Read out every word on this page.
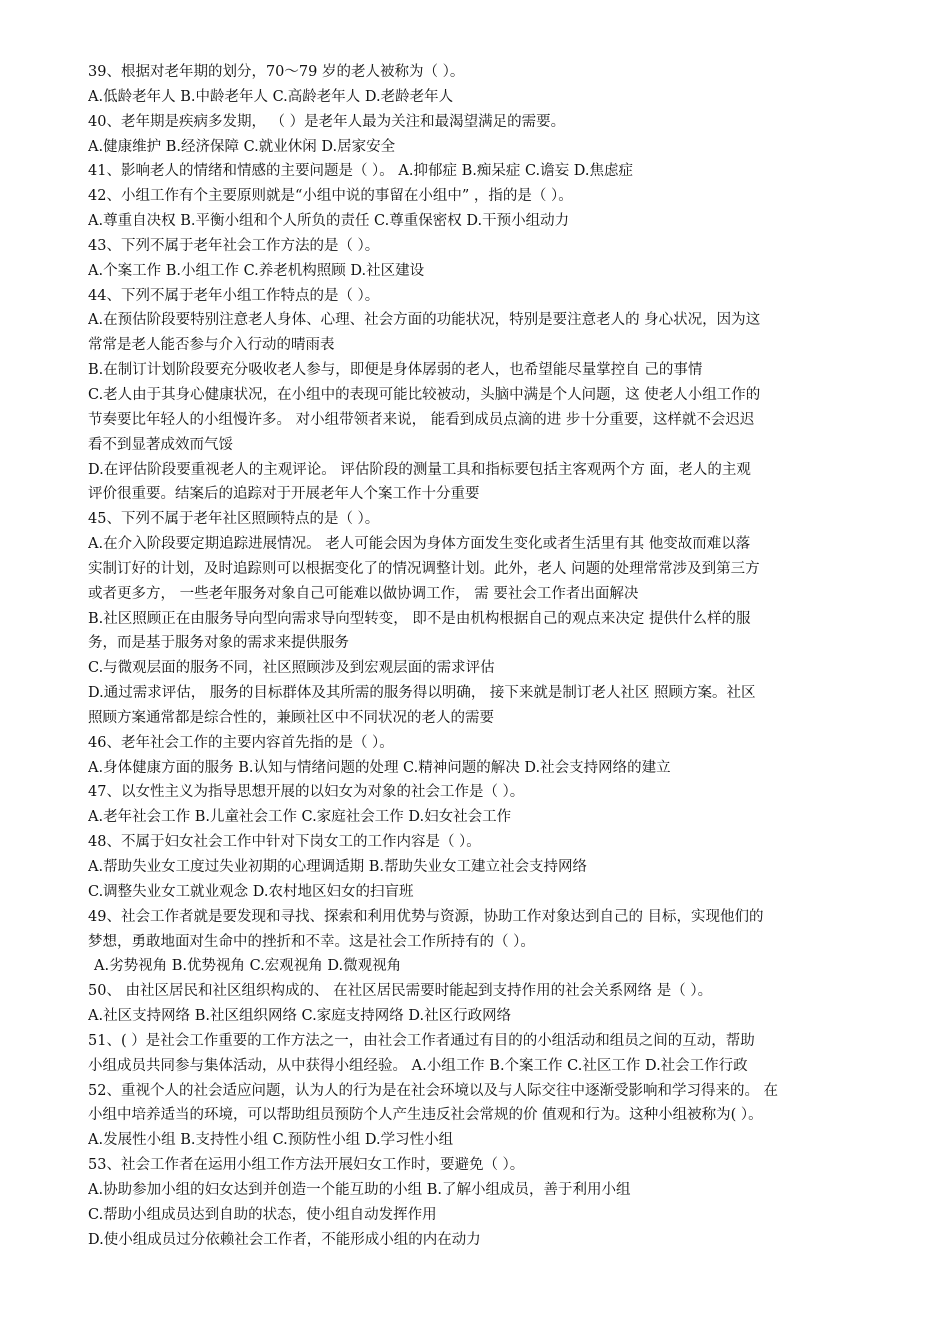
39、根据对老年期的划分，70～79 岁的老人被称为（ ）。
A.低龄老年人 B.中龄老年人 C.高龄老年人 D.老龄老年人
40、老年期是疾病多发期， （ ）是老年人最为关注和最渴望满足的需要。
A.健康维护 B.经济保障 C.就业休闲 D.居家安全
41、影响老人的情绪和情感的主要问题是（ ）。 A.抑郁症 B.痴呆症 C.谵妄 D.焦虑症
42、小组工作有个主要原则就是“小组中说的事留在小组中” ，指的是（ ）。
A.尊重自决权 B.平衡小组和个人所负的责任 C.尊重保密权 D.干预小组动力
43、下列不属于老年社会工作方法的是（ ）。
A.个案工作 B.小组工作 C.养老机构照顾 D.社区建设
44、下列不属于老年小组工作特点的是（ ）。
A.在预估阶段要特别注意老人身体、心理、社会方面的功能状况，特别是要注意老人的 身心状况，因为这
常常是老人能否参与介入行动的晴雨表
B.在制订计划阶段要充分吸收老人参与，即便是身体孱弱的老人，也希望能尽量掌控自 己的事情
C.老人由于其身心健康状况，在小组中的表现可能比较被动，头脑中满是个人问题，这 使老人小组工作的
节奏要比年轻人的小组慢许多。 对小组带领者来说， 能看到成员点滴的进 步十分重要，这样就不会迟迟
看不到显著成效而气馁
D.在评估阶段要重视老人的主观评论。 评估阶段的测量工具和指标要包括主客观两个方 面，老人的主观
评价很重要。结案后的追踪对于开展老年人个案工作十分重要
45、下列不属于老年社区照顾特点的是（ ）。
A.在介入阶段要定期追踪进展情况。 老人可能会因为身体方面发生变化或者生活里有其 他变故而难以落
实制订好的计划，及时追踪则可以根据变化了的情况调整计划。此外，老人 问题的处理常常涉及到第三方
或者更多方， 一些老年服务对象自己可能难以做协调工作， 需 要社会工作者出面解决
B.社区照顾正在由服务导向型向需求导向型转变， 即不是由机构根据自己的观点来决定 提供什么样的服
务，而是基于服务对象的需求来提供服务
C.与微观层面的服务不同，社区照顾涉及到宏观层面的需求评估
D.通过需求评估， 服务的目标群体及其所需的服务得以明确， 接下来就是制订老人社区 照顾方案。社区
照顾方案通常都是综合性的，兼顾社区中不同状况的老人的需要
46、老年社会工作的主要内容首先指的是（ ）。
A.身体健康方面的服务 B.认知与情绪问题的处理 C.精神问题的解决 D.社会支持网络的建立
47、以女性主义为指导思想开展的以妇女为对象的社会工作是（ ）。
A.老年社会工作 B.儿童社会工作 C.家庭社会工作 D.妇女社会工作
48、不属于妇女社会工作中针对下岗女工的工作内容是（ ）。
A.帮助失业女工度过失业初期的心理调适期 B.帮助失业女工建立社会支持网络
C.调整失业女工就业观念 D.农村地区妇女的扫盲班
49、社会工作者就是要发现和寻找、探索和利用优势与资源，协助工作对象达到自己的 目标，实现他们的
梦想，勇敢地面对生命中的挫折和不幸。这是社会工作所持有的（ ）。
A.劣势视角 B.优势视角 C.宏观视角 D.微观视角
50、 由社区居民和社区组织构成的、 在社区居民需要时能起到支持作用的社会关系网络 是（ ）。
A.社区支持网络 B.社区组织网络 C.家庭支持网络 D.社区行政网络
51、( ）是社会工作重要的工作方法之一，由社会工作者通过有目的的小组活动和组员之间的互动，帮助
小组成员共同参与集体活动，从中获得小组经验。 A.小组工作 B.个案工作 C.社区工作 D.社会工作行政
52、重视个人的社会适应问题，认为人的行为是在社会环境以及与人际交往中逐渐受影响和学习得来的。 在
小组中培养适当的环境，可以帮助组员预防个人产生违反社会常规的价 值观和行为。这种小组被称为( ）。
A.发展性小组 B.支持性小组 C.预防性小组 D.学习性小组
53、社会工作者在运用小组工作方法开展妇女工作时，要避免（ ）。
A.协助参加小组的妇女达到并创造一个能互助的小组 B.了解小组成员，善于利用小组
C.帮助小组成员达到自助的状态，使小组自动发挥作用
D.使小组成员过分依赖社会工作者，不能形成小组的内在动力
